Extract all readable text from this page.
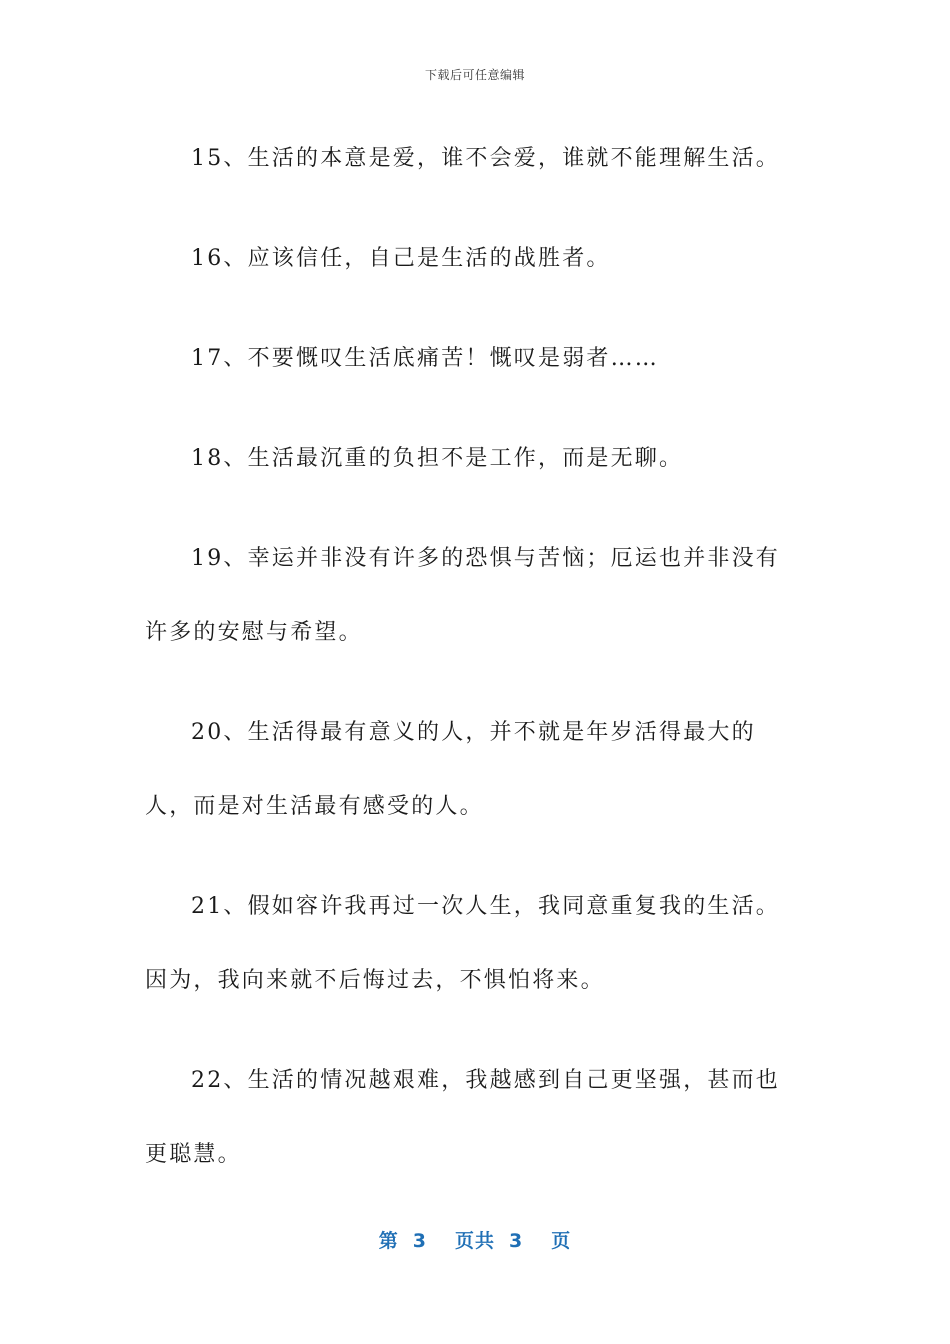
下载后可任意编辑

15、生活的本意是爱，谁不会爱，谁就不能理解生活。

16、应该信任，自己是生活的战胜者。

17、不要慨叹生活底痛苦！慨叹是弱者……

18、生活最沉重的负担不是工作，而是无聊。

19、幸运并非没有许多的恐惧与苦恼；厄运也并非没有许多的安慰与希望。

20、生活得最有意义的人，并不就是年岁活得最大的人，而是对生活最有感受的人。

21、假如容许我再过一次人生，我同意重复我的生活。因为，我向来就不后悔过去，不惧怕将来。

22、生活的情况越艰难，我越感到自己更坚强，甚而也更聪慧。

第 3 页共 3 页
